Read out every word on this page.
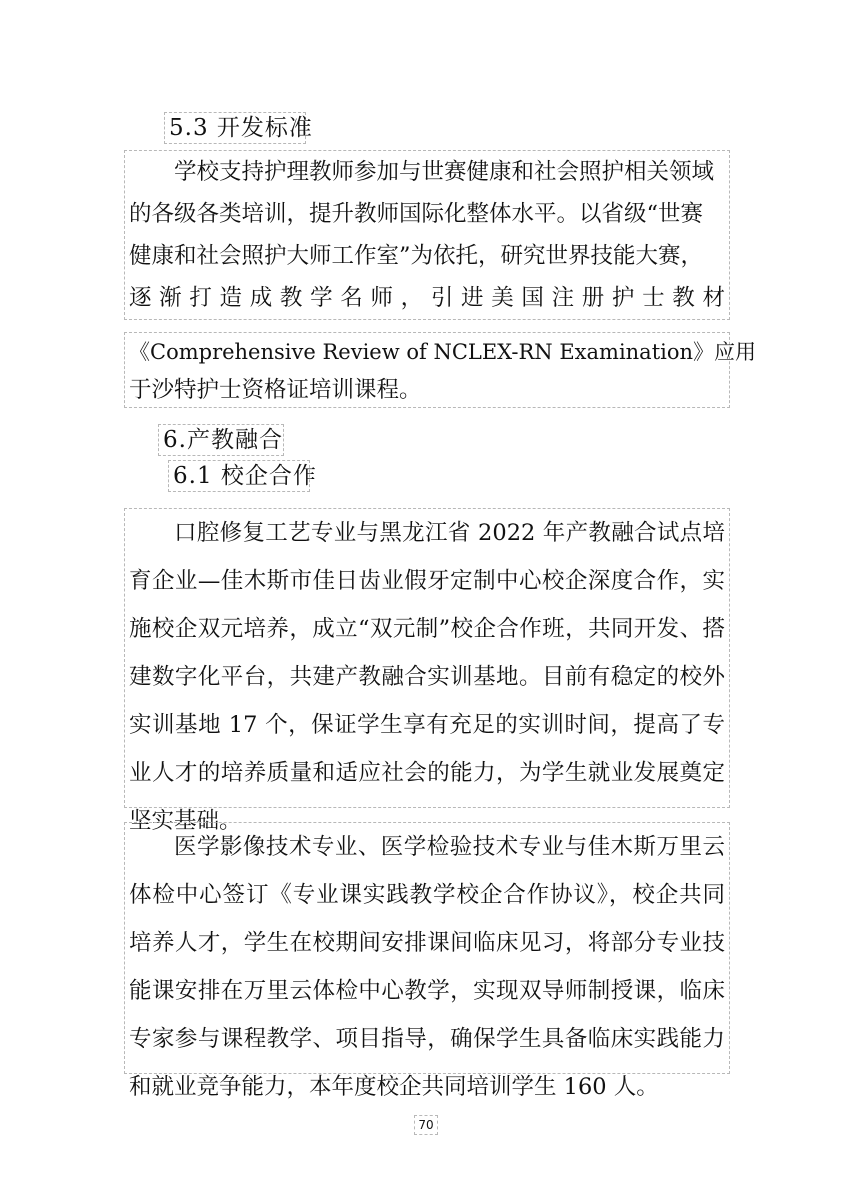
5.3 开发标准
学校支持护理教师参加与世赛健康和社会照护相关领域
的各级各类培训，提升教师国际化整体水平。以省级“世赛
健康和社会照护大师工作室”为依托，研究世界技能大赛，
逐渐打造成教学名师，引进美国注册护士教材
《Comprehensive Review of NCLEX-RN Examination》应用
于沙特护士资格证培训课程。
6.产教融合
6.1 校企合作

口腔修复工艺专业与黑龙江省 2022 年产教融合试点培育企业—佳木斯市佳日齿业假牙定制中心校企深度合作，实施校企双元培养，成立“双元制”校企合作班，共同开发、搭建数字化平台，共建产教融合实训基地。目前有稳定的校外实训基地 17 个，保证学生享有充足的实训时间，提高了专业人才的培养质量和适应社会的能力，为学生就业发展奠定坚实基础。

医学影像技术专业、医学检验技术专业与佳木斯万里云体检中心签订《专业课实践教学校企合作协议》，校企共同培养人才，学生在校期间安排课间临床见习，将部分专业技能课安排在万里云体检中心教学，实现双导师制授课，临床专家参与课程教学、项目指导，确保学生具备临床实践能力和就业竞争能力，本年度校企共同培训学生 160 人。

70
